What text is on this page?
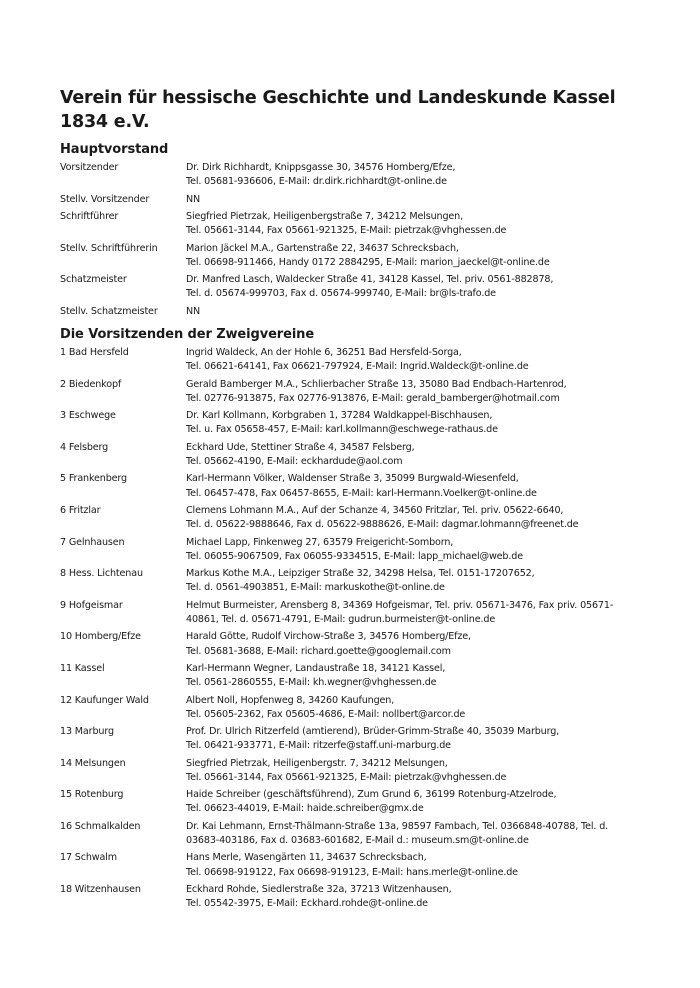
Verein für hessische Geschichte und Landeskunde Kassel 1834 e.V.
Hauptvorstand
Vorsitzender	Dr. Dirk Richhardt, Knippsgasse 30, 34576 Homberg/Efze,
Tel. 05681-936606, E-Mail: dr.dirk.richhardt@t-online.de
Stellv. Vorsitzender	NN
Schriftführer	Siegfried Pietrzak, Heiligenbergstraße 7, 34212 Melsungen,
Tel. 05661-3144, Fax 05661-921325, E-Mail: pietrzak@vhghessen.de
Stellv. Schriftführerin	Marion Jäckel M.A., Gartenstraße 22, 34637 Schrecksbach,
Tel. 06698-911466, Handy 0172 2884295, E-Mail: marion_jaeckel@t-online.de
Schatzmeister	Dr. Manfred Lasch, Waldecker Straße 41, 34128 Kassel, Tel. priv. 0561-882878,
Tel. d. 05674-999703, Fax d. 05674-999740, E-Mail: br@ls-trafo.de
Stellv. Schatzmeister	NN
Die Vorsitzenden der Zweigvereine
1 Bad Hersfeld	Ingrid Waldeck, An der Hohle 6, 36251 Bad Hersfeld-Sorga,
Tel. 06621-64141, Fax 06621-797924, E-Mail: Ingrid.Waldeck@t-online.de
2 Biedenkopf	Gerald Bamberger M.A., Schlierbacher Straße 13, 35080 Bad Endbach-Hartenrod,
Tel. 02776-913875, Fax 02776-913876, E-Mail: gerald_bamberger@hotmail.com
3 Eschwege	Dr. Karl Kollmann, Korbgraben 1, 37284 Waldkappel-Bischhausen,
Tel. u. Fax 05658-457, E-Mail: karl.kollmann@eschwege-rathaus.de
4 Felsberg	Eckhard Ude, Stettiner Straße 4, 34587 Felsberg,
Tel. 05662-4190, E-Mail: eckhardude@aol.com
5 Frankenberg	Karl-Hermann Völker, Waldenser Straße 3, 35099 Burgwald-Wiesenfeld,
Tel. 06457-478, Fax 06457-8655, E-Mail: karl-Hermann.Voelker@t-online.de
6 Fritzlar	Clemens Lohmann M.A., Auf der Schanze 4, 34560 Fritzlar, Tel. priv. 05622-6640,
Tel. d. 05622-9888646, Fax d. 05622-9888626, E-Mail: dagmar.lohmann@freenet.de
7 Gelnhausen	Michael Lapp, Finkenweg 27, 63579 Freigericht-Somborn,
Tel. 06055-9067509, Fax 06055-9334515, E-Mail: lapp_michael@web.de
8 Hess. Lichtenau	Markus Kothe M.A., Leipziger Straße 32, 34298 Helsa, Tel. 0151-17207652,
Tel. d. 0561-4903851, E-Mail: markuskothe@t-online.de
9 Hofgeismar	Helmut Burmeister, Arensberg 8, 34369 Hofgeismar, Tel. priv. 05671-3476, Fax priv. 05671-
40861, Tel. d. 05671-4791, E-Mail: gudrun.burmeister@t-online.de
10 Homberg/Efze	Harald Götte, Rudolf Virchow-Straße 3, 34576 Homberg/Efze,
Tel. 05681-3688, E-Mail: richard.goette@googlemail.com
11 Kassel	Karl-Hermann Wegner, Landaustraße 18, 34121 Kassel,
Tel. 0561-2860555, E-Mail: kh.wegner@vhghessen.de
12 Kaufunger Wald	Albert Noll, Hopfenweg 8, 34260 Kaufungen,
Tel. 05605-2362, Fax 05605-4686, E-Mail: nollbert@arcor.de
13 Marburg	Prof. Dr. Ulrich Ritzerfeld (amtierend), Brüder-Grimm-Straße 40, 35039 Marburg,
Tel. 06421-933771, E-Mail: ritzerfe@staff.uni-marburg.de
14 Melsungen	Siegfried Pietrzak, Heiligenbergstr. 7, 34212 Melsungen,
Tel. 05661-3144, Fax 05661-921325, E-Mail: pietrzak@vhghessen.de
15 Rotenburg	Haide Schreiber (geschäftsführend), Zum Grund 6, 36199 Rotenburg-Atzelrode,
Tel. 06623-44019, E-Mail: haide.schreiber@gmx.de
16 Schmalkalden	Dr. Kai Lehmann, Ernst-Thälmann-Straße 13a, 98597 Fambach, Tel. 0366848-40788, Tel. d.
03683-403186, Fax d. 03683-601682, E-Mail d.: museum.sm@t-online.de
17 Schwalm	Hans Merle, Wasengärten 11, 34637 Schrecksbach,
Tel. 06698-919122, Fax 06698-919123, E-Mail: hans.merle@t-online.de
18 Witzenhausen	Eckhard Rohde, Siedlerstraße 32a, 37213 Witzenhausen,
Tel. 05542-3975, E-Mail: Eckhard.rohde@t-online.de
